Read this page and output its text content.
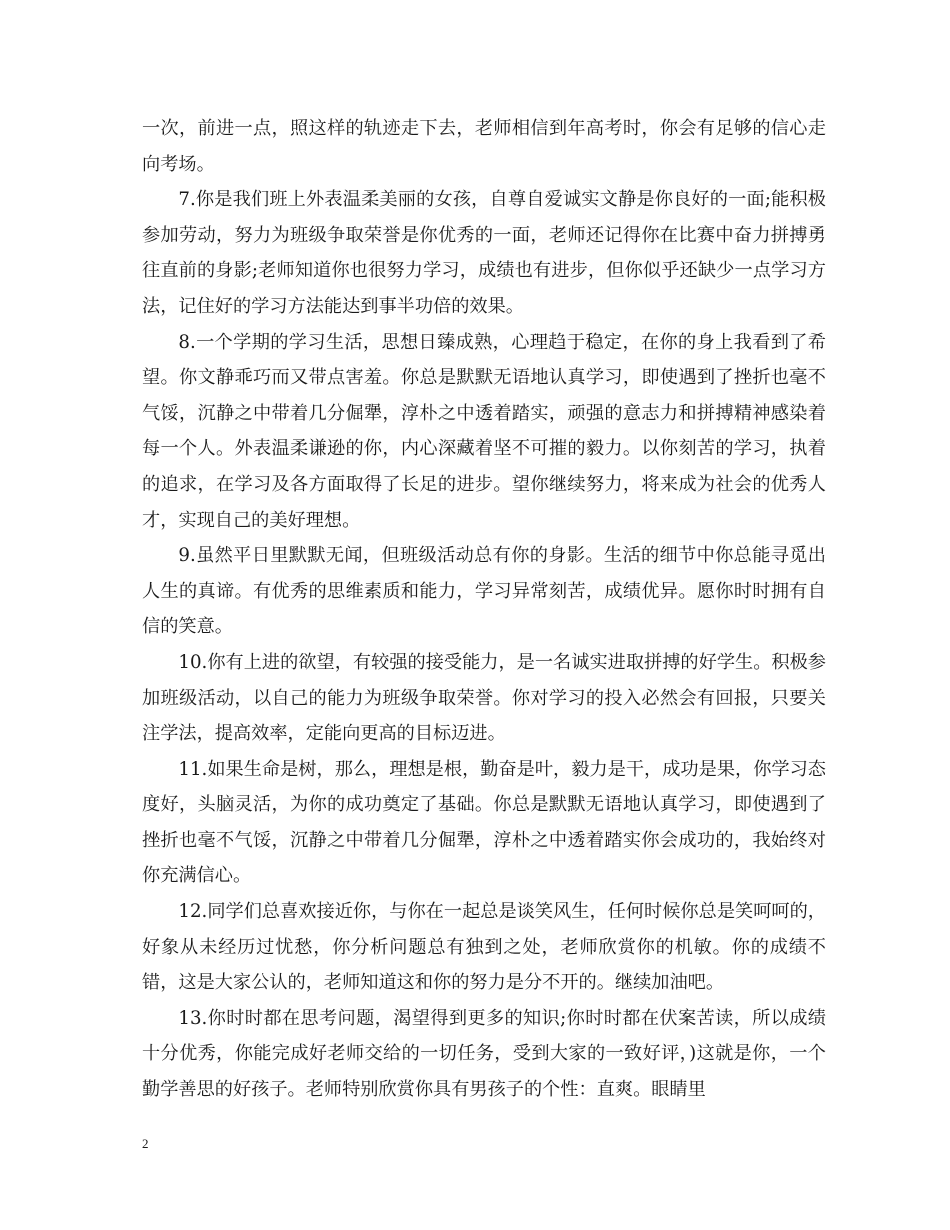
一次，前进一点，照这样的轨迹走下去，老师相信到年高考时，你会有足够的信心走向考场。

7.你是我们班上外表温柔美丽的女孩，自尊自爱诚实文静是你良好的一面;能积极参加劳动，努力为班级争取荣誉是你优秀的一面，老师还记得你在比赛中奋力拼搏勇往直前的身影;老师知道你也很努力学习，成绩也有进步，但你似乎还缺少一点学习方法，记住好的学习方法能达到事半功倍的效果。

8.一个学期的学习生活，思想日臻成熟，心理趋于稳定，在你的身上我看到了希望。你文静乖巧而又带点害羞。你总是默默无语地认真学习，即使遇到了挫折也毫不气馁，沉静之中带着几分倔犟，淳朴之中透着踏实，顽强的意志力和拼搏精神感染着每一个人。外表温柔谦逊的你，内心深藏着坚不可摧的毅力。以你刻苦的学习，执着的追求，在学习及各方面取得了长足的进步。望你继续努力，将来成为社会的优秀人才，实现自己的美好理想。

9.虽然平日里默默无闻，但班级活动总有你的身影。生活的细节中你总能寻觅出人生的真谛。有优秀的思维素质和能力，学习异常刻苦，成绩优异。愿你时时拥有自信的笑意。

10.你有上进的欲望，有较强的接受能力，是一名诚实进取拼搏的好学生。积极参加班级活动，以自己的能力为班级争取荣誉。你对学习的投入必然会有回报，只要关注学法，提高效率，定能向更高的目标迈进。

11.如果生命是树，那么，理想是根，勤奋是叶，毅力是干，成功是果，你学习态度好，头脑灵活，为你的成功奠定了基础。你总是默默无语地认真学习，即使遇到了挫折也毫不气馁，沉静之中带着几分倔犟，淳朴之中透着踏实你会成功的，我始终对你充满信心。

12.同学们总喜欢接近你，与你在一起总是谈笑风生，任何时候你总是笑呵呵的，好象从未经历过忧愁，你分析问题总有独到之处，老师欣赏你的机敏。你的成绩不错，这是大家公认的，老师知道这和你的努力是分不开的。继续加油吧。

13.你时时都在思考问题，渴望得到更多的知识;你时时都在伏案苦读，所以成绩十分优秀，你能完成好老师交给的一切任务，受到大家的一致好评，)这就是你，一个勤学善思的好孩子。老师特别欣赏你具有男孩子的个性：直爽。眼睛里

2
